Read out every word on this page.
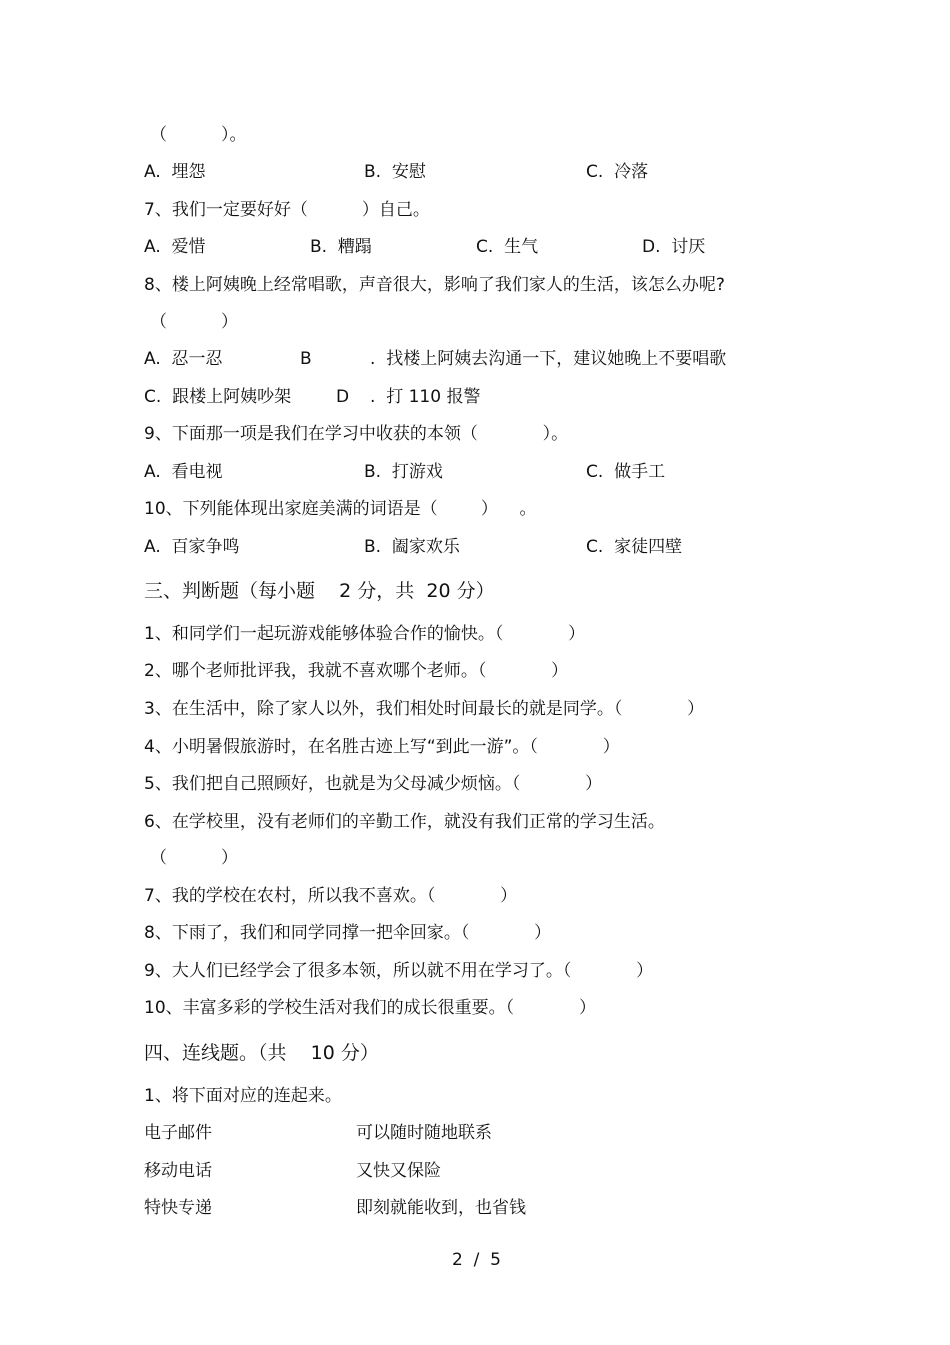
（          ）。
A.  埋怨	B.  安慰	C.  冷落
7、我们一定要好好（          ）自己。
A.  爱惜	B.  糟蹋	C.  生气	D.  讨厌
8、楼上阿姨晚上经常唱歌，声音很大，影响了我们家人的生活，该怎么办呢?
（          ）
A.  忍一忍	B	.  找楼上阿姨去沟通一下，建议她晚上不要唱歌
C.  跟楼上阿姨吵架	D .  打 110 报警
9、下面那一项是我们在学习中收获的本领（            ）。
A.  看电视	B.  打游戏	C.  做手工
10、下列能体现出家庭美满的词语是（        ）    。
A.  百家争鸣	B.  阖家欢乐	C.  家徒四壁
三、判断题（每小题    2 分，共  20 分）
1、和同学们一起玩游戏能够体验合作的愉快。（            ）
2、哪个老师批评我，我就不喜欢哪个老师。（            ）
3、在生活中，除了家人以外，我们相处时间最长的就是同学。（            ）
4、小明暑假旅游时，在名胜古迹上写“到此一游”。（            ）
5、我们把自己照顾好，也就是为父母减少烦恼。（            ）
6、在学校里，没有老师们的辛勤工作，就没有我们正常的学习生活。
（          ）
7、我的学校在农村，所以我不喜欢。（            ）
8、下雨了，我们和同学同撑一把伞回家。（            ）
9、大人们已经学会了很多本领，所以就不用在学习了。（            ）
10、丰富多彩的学校生活对我们的成长很重要。（            ）
四、连线题。（共    10 分）
1、将下面对应的连起来。
电子邮件	可以随时随地联系
移动电话	又快又保险
特快专递	即刻就能收到，也省钱
2  /  5
